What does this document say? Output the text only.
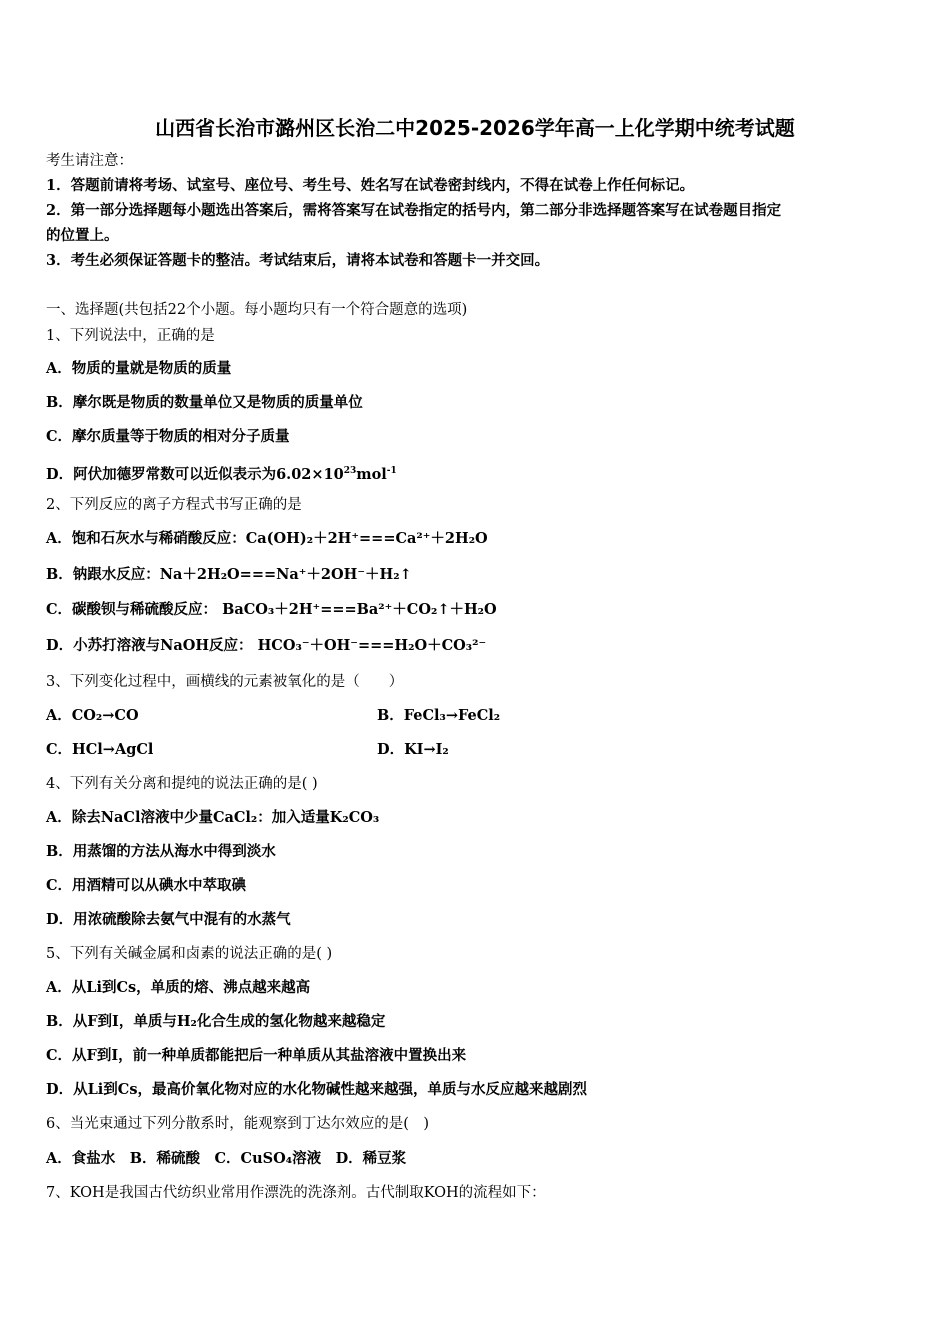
山西省长治市潞州区长治二中2025-2026学年高一上化学期中统考试题
考生请注意：
1．答题前请将考场、试室号、座位号、考生号、姓名写在试卷密封线内，不得在试卷上作任何标记。
2．第一部分选择题每小题选出答案后，需将答案写在试卷指定的括号内，第二部分非选择题答案写在试卷题目指定
的位置上。
3．考生必须保证答题卡的整洁。考试结束后，请将本试卷和答题卡一并交回。
一、选择题(共包括22个小题。每小题均只有一个符合题意的选项)
1、下列说法中，正确的是
A．物质的量就是物质的质量
B．摩尔既是物质的数量单位又是物质的质量单位
C．摩尔质量等于物质的相对分子质量
D．阿伏加德罗常数可以近似表示为$6.02\times 10^{23}mol^{-1}$
2、下列反应的离子方程式书写正确的是
A．饱和石灰水与稀硝酸反应：Ca(OH)₂＋2H⁺===Ca²⁺＋2H₂O
B．钠跟水反应：Na＋2H₂O===Na⁺＋2OH⁻＋H₂↑
C．碳酸钡与稀硫酸反应： BaCO₃＋2H⁺===Ba²⁺＋CO₂↑＋H₂O
D．小苏打溶液与NaOH反应： HCO₃⁻＋OH⁻===H₂O＋CO₃²⁻
3、下列变化过程中，画横线的元素被氧化的是（　　）
A．CO₂→CO	B．FeCl₃→FeCl₂
C．HCl→AgCl	D．KI→I₂
4、下列有关分离和提纯的说法正确的是( )
A．除去NaCl溶液中少量CaCl₂：加入适量K₂CO₃
B．用蒸馏的方法从海水中得到淡水
C．用酒精可以从碘水中萃取碘
D．用浓硫酸除去氨气中混有的水蒸气
5、下列有关碱金属和卤素的说法正确的是( )
A．从Li到Cs，单质的熔、沸点越来越高
B．从F到I，单质与H₂化合生成的氢化物越来越稳定
C．从F到I，前一种单质都能把后一种单质从其盐溶液中置换出来
D．从Li到Cs，最高价氧化物对应的水化物碱性越来越强，单质与水反应越来越剧烈
6、当光束通过下列分散系时，能观察到丁达尔效应的是(　)
A．食盐水　B．稀硫酸　C．CuSO₄溶液　D．稀豆浆
7、KOH是我国古代纺织业常用作漂洗的洗涤剂。古代制取KOH的流程如下：
